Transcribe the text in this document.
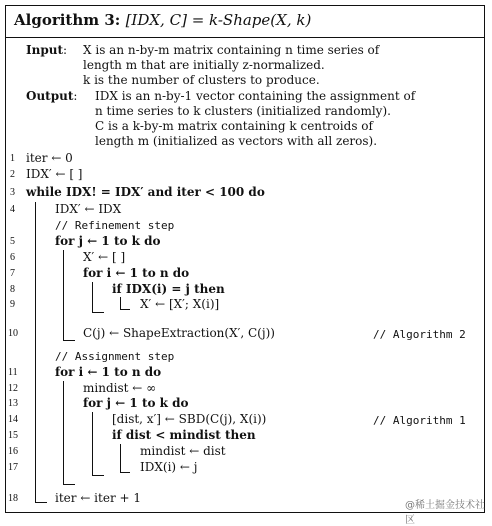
Algorithm 3: [IDX, C] = k-Shape(X, k)
Input: X is an n-by-m matrix containing n time series of
length m that are initially z-normalized.
k is the number of clusters to produce.
Output: IDX is an n-by-1 vector containing the assignment of
n time series to k clusters (initialized randomly).
C is a k-by-m matrix containing k centroids of
length m (initialized as vectors with all zeros).
1
2
3
4
5
6
7
8
9
10
11
12
13
14
15
16
17
18
iter ← 0
IDX′ ← [ ]
while IDX! = IDX′ and iter < 100 do
IDX′ ← IDX
// Refinement step
for j ← 1 to k do
X′ ← [ ]
for i ← 1 to n do
if IDX(i) = j then
X′ ← [X′; X(i)]
C(j) ← ShapeExtraction(X′, C(j))	// Algorithm 2
// Assignment step
for i ← 1 to n do
mindist ← ∞
for j ← 1 to k do
[dist, x′] ← SBD(C(j), X(i))	// Algorithm 1
if dist < mindist then
mindist ← dist
IDX(i) ← j
iter ← iter + 1
@稀土掘金技术社区
